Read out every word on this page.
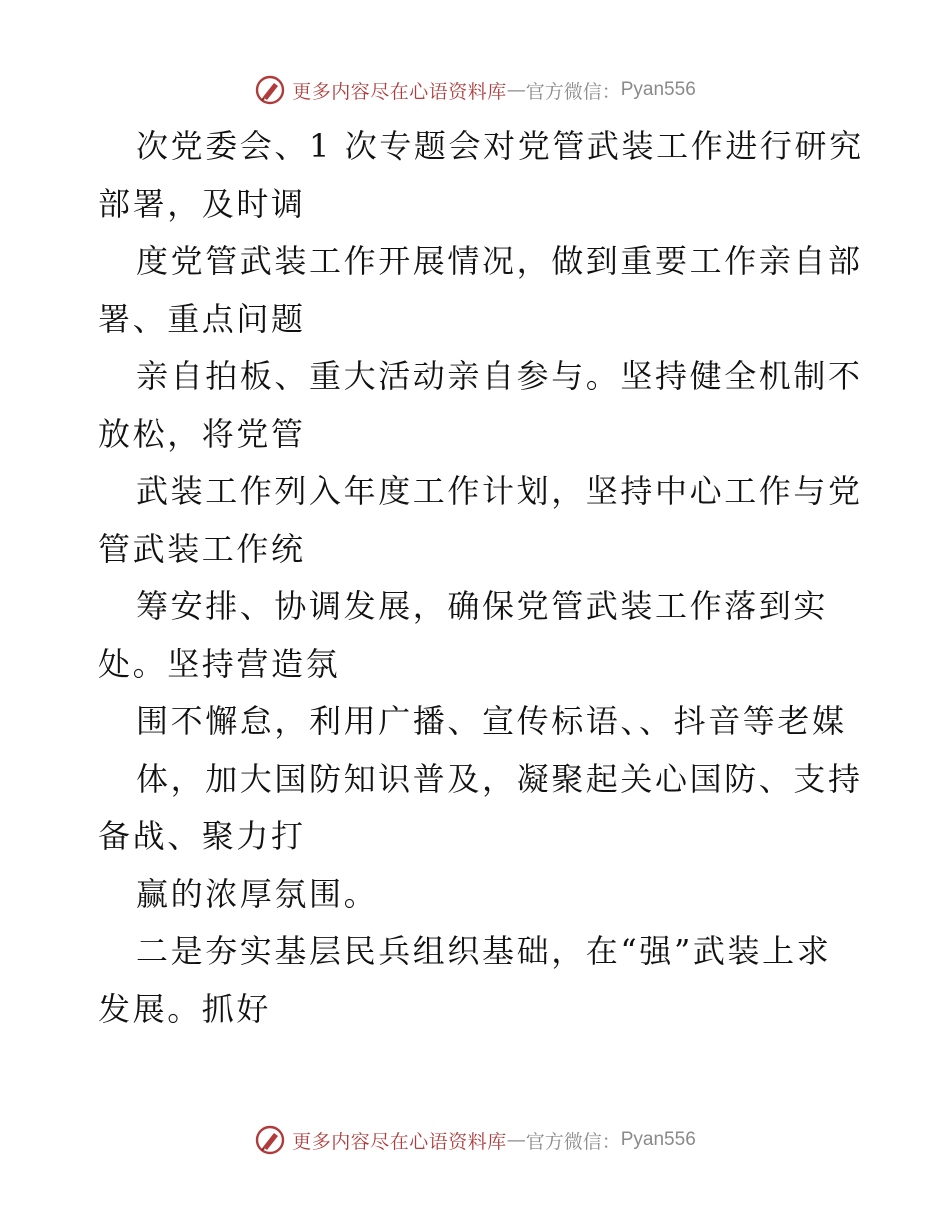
更多内容尽在心语资料库 — 官方微信： Pyan556
次党委会、1 次专题会对党管武装工作进行研究
部署，及时调
度党管武装工作开展情况，做到重要工作亲自部
署、重点问题
亲自拍板、重大活动亲自参与。坚持健全机制不
放松，将党管
武装工作列入年度工作计划，坚持中心工作与党
管武装工作统
筹安排、协调发展，确保党管武装工作落到实
处。坚持营造氛
围不懈怠，利用广播、宣传标语、、抖音等老媒
体，加大国防知识普及，凝聚起关心国防、支持
备战、聚力打
赢的浓厚氛围。
二是夯实基层民兵组织基础，在“强”武装上求
发展。抓好
更多内容尽在心语资料库 — 官方微信： Pyan556
